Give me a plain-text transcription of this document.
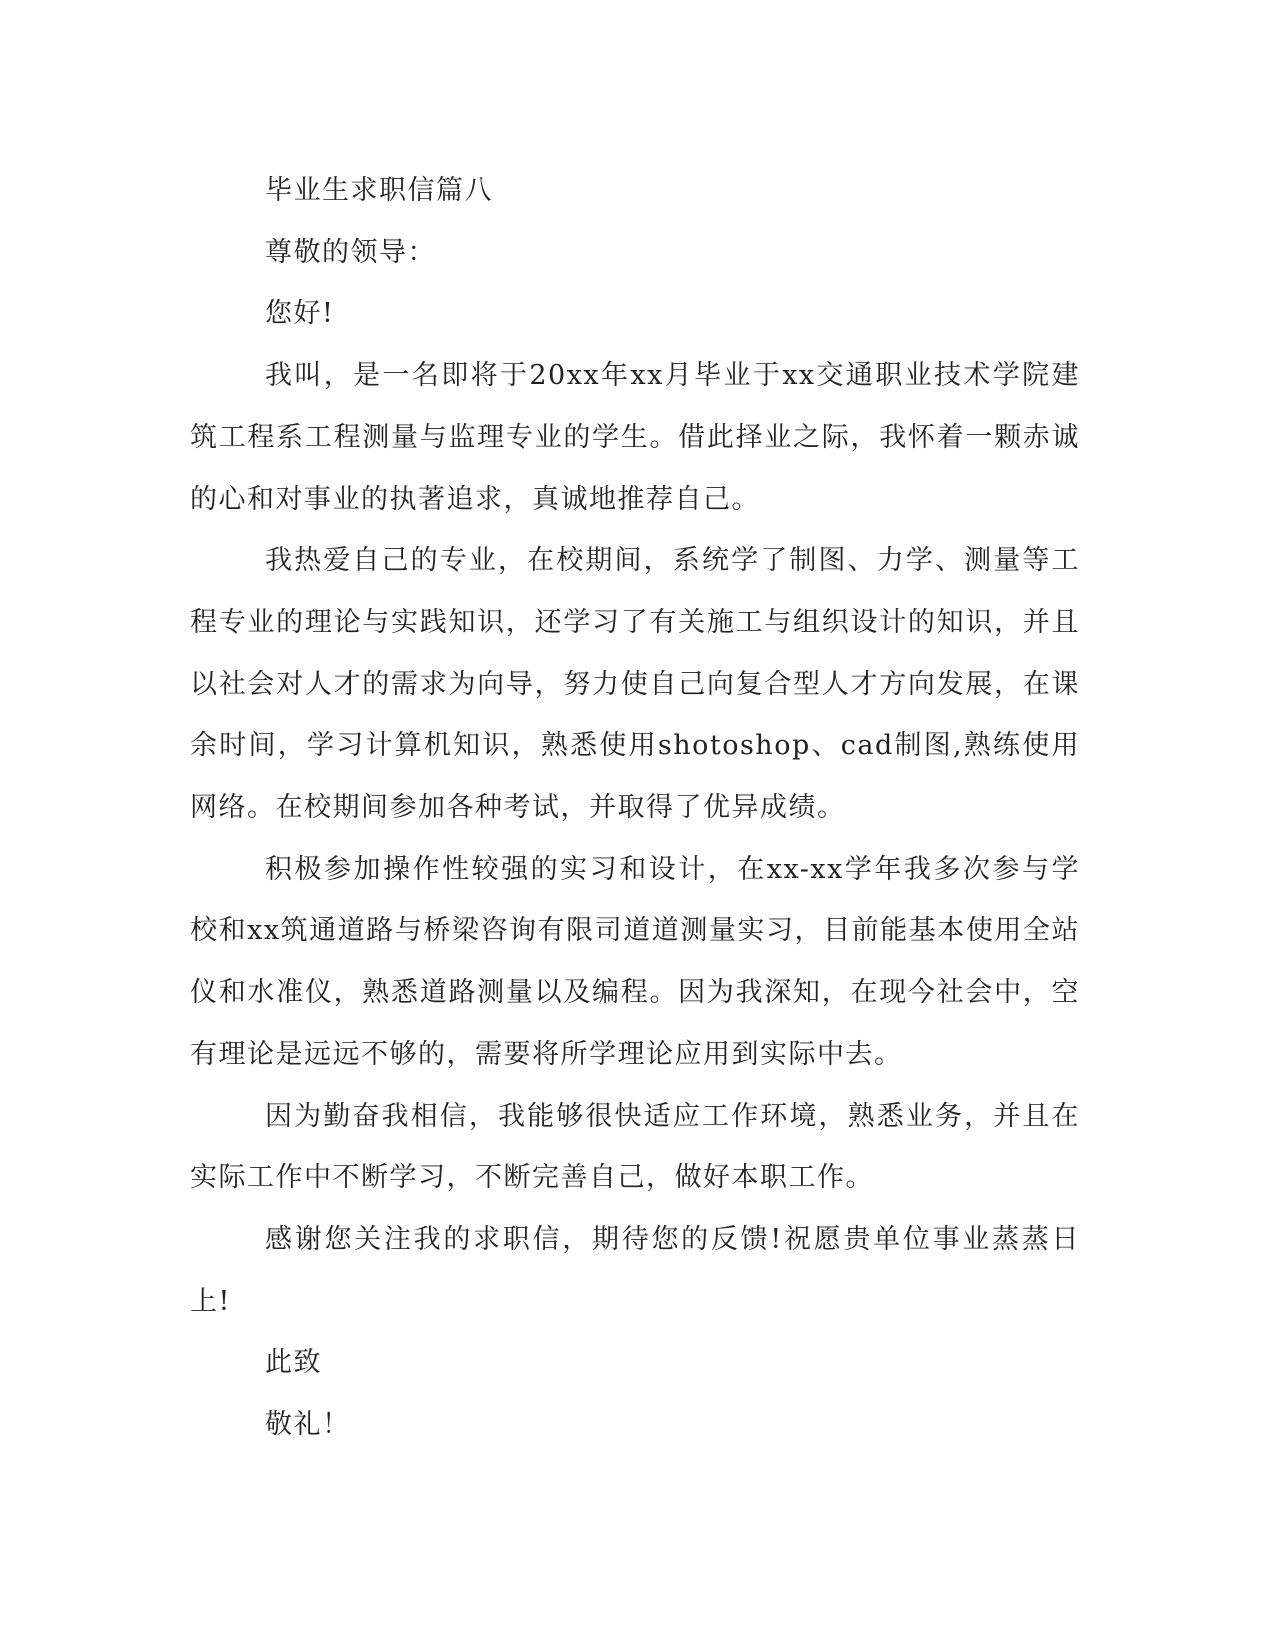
毕业生求职信篇八

尊敬的领导：

您好!

我叫，是一名即将于20xx年xx月毕业于xx交通职业技术学院建筑工程系工程测量与监理专业的学生。借此择业之际，我怀着一颗赤诚的心和对事业的执著追求，真诚地推荐自己。

我热爱自己的专业，在校期间，系统学了制图、力学、测量等工程专业的理论与实践知识，还学习了有关施工与组织设计的知识，并且以社会对人才的需求为向导，努力使自己向复合型人才方向发展，在课余时间，学习计算机知识，熟悉使用shotoshop、cad制图,熟练使用网络。在校期间参加各种考试，并取得了优异成绩。

积极参加操作性较强的实习和设计，在xx-xx学年我多次参与学校和xx筑通道路与桥梁咨询有限司道道测量实习，目前能基本使用全站仪和水准仪，熟悉道路测量以及编程。因为我深知，在现今社会中，空有理论是远远不够的，需要将所学理论应用到实际中去。

因为勤奋我相信，我能够很快适应工作环境，熟悉业务，并且在实际工作中不断学习，不断完善自己，做好本职工作。

感谢您关注我的求职信，期待您的反馈!祝愿贵单位事业蒸蒸日上!

此致

敬礼！
